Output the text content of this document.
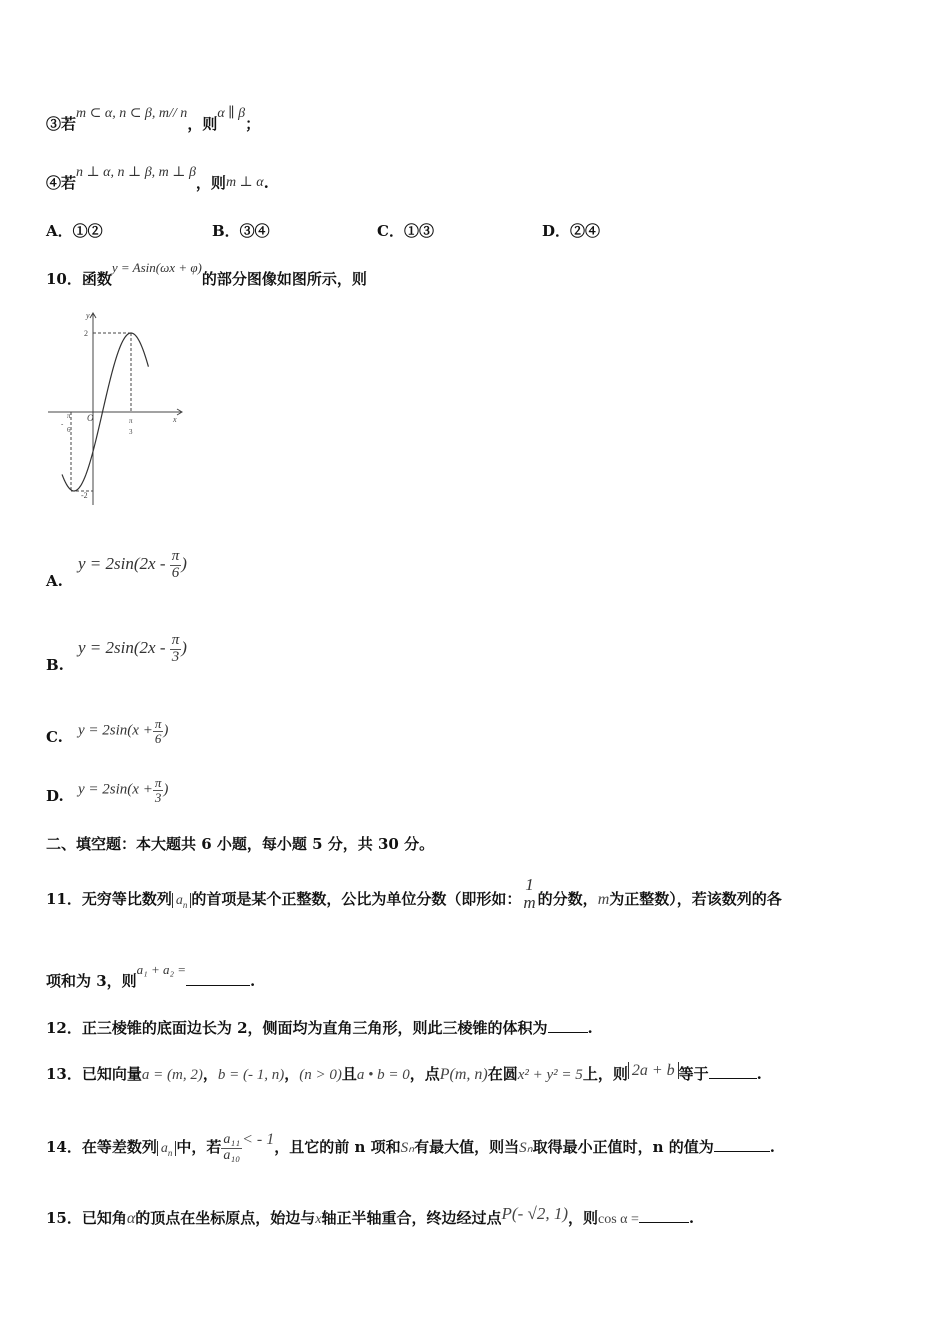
③若m ⊂ α, n ⊂ β, m// n，则α ∥ β；
④若n ⊥ α, n ⊥ β, m ⊥ β，则m ⊥ α.
A．①②	B．③④	C．①③	D．②④
10．函数y = Asin(ωx + φ)的部分图像如图所示，则
y
x
O
2
-2
-
π
6
π
3
A.
$y = 2\sin(2x - \frac{\pi}{6}$ )
B.
$y = 2\sin(2x - \frac{\pi}{3}$ )
C. $y = 2\sin(x + \frac{\pi}{6}$ )
D. $y = 2\sin(x + \frac{\pi}{3}$ )
二、填空题：本大题共 6 小题，每小题 5 分，共 30 分。
11．无穷等比数列 $a_n$ 的首项是某个正整数，公比为单位分数（即形如：
1
m 的分数，m为正整数），若该数列的各
项和为 3，则a₁ + a₂ =.
12．正三棱锥的底面边长为 2，侧面均为直角三角形，则此三棱锥的体积为	.
13．已知向量a = (m, 2)，b = (- 1, n)，(n > 0)且a • b = 0，点P(m, n)在圆x² + y² = 5上，则 2a + b 等于	.
14．在等差数列 $a_n$ 中，若 $\frac{\text{a₁₁}}{\text{a₁₀}}$ < - 1，且它的前 n 项和Sₙ有最大值，则当Sₙ取得最小正值时，n 的值为	.
15．已知角α的顶点在坐标原点，始边与x轴正半轴重合，终边经过点P(- √2, 1)，则cos α =	.
